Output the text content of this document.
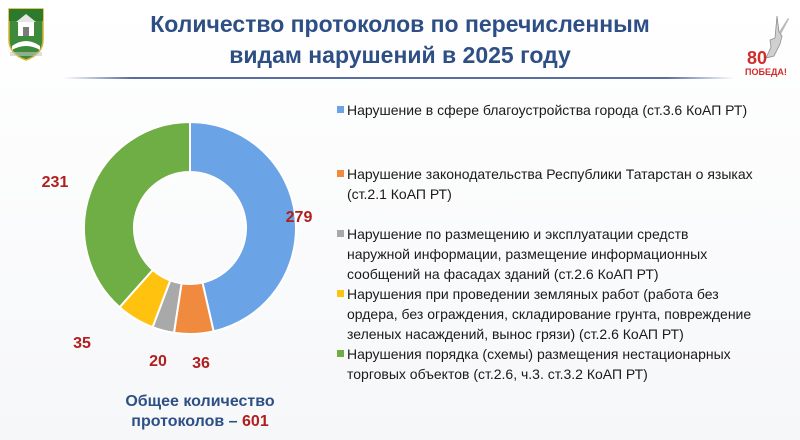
Количество протоколов по перечисленным
видам нарушений в 2025 году	80
ПОБЕДА!
279
36
20
35
231
Нарушение в сфере благоустройства города (ст.3.6 КоАП РТ)
Нарушение законодательства Республики Татарстан о языках
(ст.2.1 КоАП РТ)
Нарушение по размещению и эксплуатации средств
наружной информации, размещение информационных
сообщений на фасадах зданий (ст.2.6 КоАП РТ)
Нарушения при проведении земляных работ (работа без
ордера, без ограждения, складирование грунта, повреждение
зеленых насаждений, вынос грязи) (ст.2.6 КоАП РТ)
Нарушения порядка (схемы) размещения нестационарных
торговых объектов (ст.2.6, ч.3. ст.3.2 КоАП РТ)
Общее количество
протоколов – 601
